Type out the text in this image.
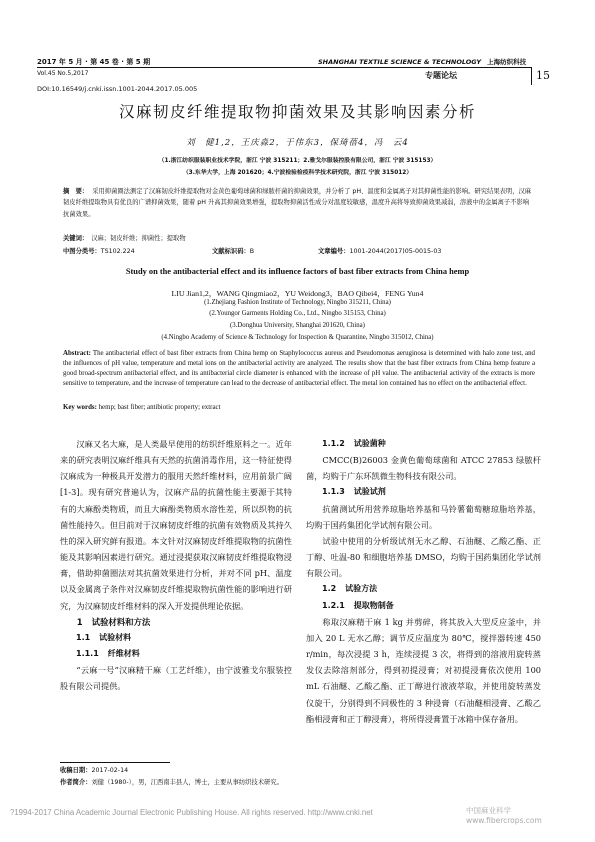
2017 年 5 月 · 第 45 卷 · 第 5 期
Vol.45 No.5,2017
SHANGHAI TEXTILE SCIENCE & TECHNOLOGY 上海纺织科技
专题论坛	15
DOI:10.16549/j.cnki.issn.1001-2044.2017.05.005
汉麻韧皮纤维提取物抑菌效果及其影响因素分析
刘　健1,2，王庆淼2，于伟东3，保琦蓓4，冯　云4
（1.浙江纺织服装职业技术学院，浙江 宁波 315211；2.雅戈尔服装控股有限公司，浙江 宁波 315153）
（3.东华大学，上海 201620；4.宁波检验检疫科学技术研究院，浙江 宁波 315012）
摘　要： 采用抑菌圈法测定了汉麻韧皮纤维提取物对金黄色葡萄球菌和绿脓杆菌的抑菌效果，并分析了 pH、温度和金属离子对其抑菌性能的影响。研究结果表明，汉麻韧皮纤维提取物具有优良的广谱抑菌效果，随着 pH 升高其抑菌效果增强，提取物抑菌活性成分对温度较敏感，温度升高将导致抑菌效果减弱，溶液中的金属离子不影响抗菌效果。
关键词： 汉麻；韧皮纤维；抑菌性；提取物
中图分类号：TS102.224	文献标识码：B	文章编号：1001-2044(2017)05-0015-03
Study on the antibacterial effect and its influence factors of bast fiber extracts from China hemp
LIU Jian1,2，WANG Qingmiao2，YU Weidong3，BAO Qibei4，FENG Yun4
(1.Zhejiang Fashion Institute of Technology, Ningbo 315211, China)
(2.Youngor Garments Holding Co., Ltd., Ningbo 315153, China)
(3.Donghua University, Shanghai 201620, China)
(4.Ningbo Academy of Science & Technology for Inspection & Quarantine, Ningbo 315012, China)
Abstract: The antibacterial effect of bast fiber extracts from China hemp on Staphylococcus aureus and Pseudomonas aeruginosa is determined with halo zone test, and the influences of pH value, temperature and metal ions on the antibacterial activity are analyzed. The results show that the bast fiber extracts from China hemp feature a good broad-spectrum antibacterial effect, and its antibacterial circle diameter is enhanced with the increase of pH value. The antibacterial activity of the extracts is more sensitive to temperature, and the increase of temperature can lead to the decrease of antibacterial effect. The metal ion contained has no effect on the antibacterial effect.
Key words: hemp; bast fiber; antibiotic property; extract

汉麻又名大麻，是人类最早使用的纺织纤维原料之一。近年来的研究表明汉麻纤维具有天然的抗菌消毒作用，这一特征使得汉麻成为一种极具开发潜力的服用天然纤维材料，应用前景广阔[1-3]。现有研究普遍认为，汉麻产品的抗菌性能主要源于其特有的大麻酚类物质，而且大麻酚类物质水溶性差，所以织物的抗菌性能持久。但目前对于汉麻韧皮纤维的抗菌有效物质及其持久性的深入研究鲜有报道。本文针对汉麻韧皮纤维提取物的抗菌性能及其影响因素进行研究。通过浸提获取汉麻韧皮纤维提取物浸膏，借助抑菌圈法对其抗菌效果进行分析，并对不同 pH、温度以及金属离子条件对汉麻韧皮纤维提取物抗菌性能的影响进行研究，为汉麻韧皮纤维材料的深入开发提供理论依据。

1 试验材料和方法

1.1 试验材料

1.1.1 纤维材料

“云麻一号”汉麻精干麻（工艺纤维），由宁波雅戈尔服装控股有限公司提供。

1.1.2 试验菌种

CMCC(B)26003 金黄色葡萄球菌和 ATCC 27853 绿脓杆菌，均购于广东环凯微生物科技有限公司。

1.1.3 试验试剂

抗菌测试所用营养琼脂培养基和马铃薯葡萄糖琼脂培养基，均购于国药集团化学试剂有限公司。

试验中使用的分析级试剂无水乙醇、石油醚、乙酸乙酯、正丁醇、吐温-80 和细胞培养基 DMSO，均购于国药集团化学试剂有限公司。

1.2 试验方法

1.2.1 提取物制备

称取汉麻精干麻 1 kg 并剪碎，将其放入大型反应釜中，并加入 20 L 无水乙醇；调节反应温度为 80℃，搅拌器转速 450 r/min，每次浸提 3 h，连续浸提 3 次，将得到的溶液用旋转蒸发仪去除溶剂部分，得到初提浸膏；对初提浸膏依次使用 100 mL 石油醚、乙酸乙酯、正丁醇进行液液萃取，并使用旋转蒸发仪旋干，分别得到不同极性的 3 种浸膏（石油醚相浸膏、乙酸乙酯相浸膏和正丁醇浸膏），将所得浸膏置于冰箱中保存备用。

收稿日期：2017-02-14
作者简介：刘健（1980-），男，江西南丰县人，博士，主要从事纺织技术研究。
?1994-2017 China Academic Journal Electronic Publishing House. All rights reserved. http://www.cnki.net	中国麻业科学
www.fibercrops.com
